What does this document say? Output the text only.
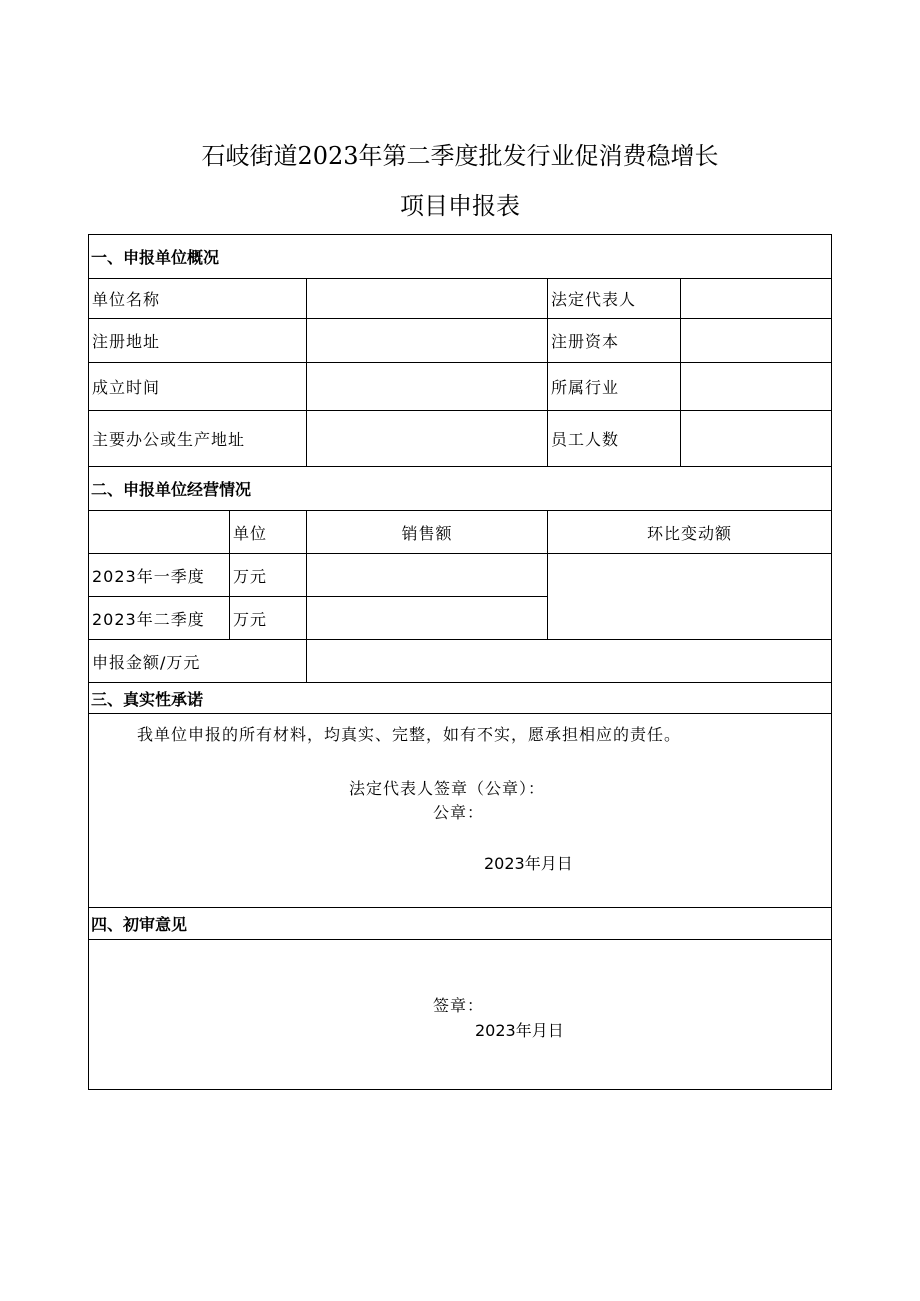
石岐街道2023年第二季度批发行业促消费稳增长
项目申报表
一、申报单位概况				
单位名称			法定代表人	
注册地址			注册资本	
成立时间			所属行业	
主要办公或生产地址			员工人数	
二、申报单位经营情况				
	单位	销售额	环比变动额	
2023年一季度	万元			
2023年二季度	万元			
申报金额/万元				
三、真实性承诺				

我单位申报的所有材料，均真实、完整，如有不实，愿承担相应的责任。
法定代表人签章（公章）：
公章：
2023年月日				

四、初审意见				

签章：
2023年月日				
